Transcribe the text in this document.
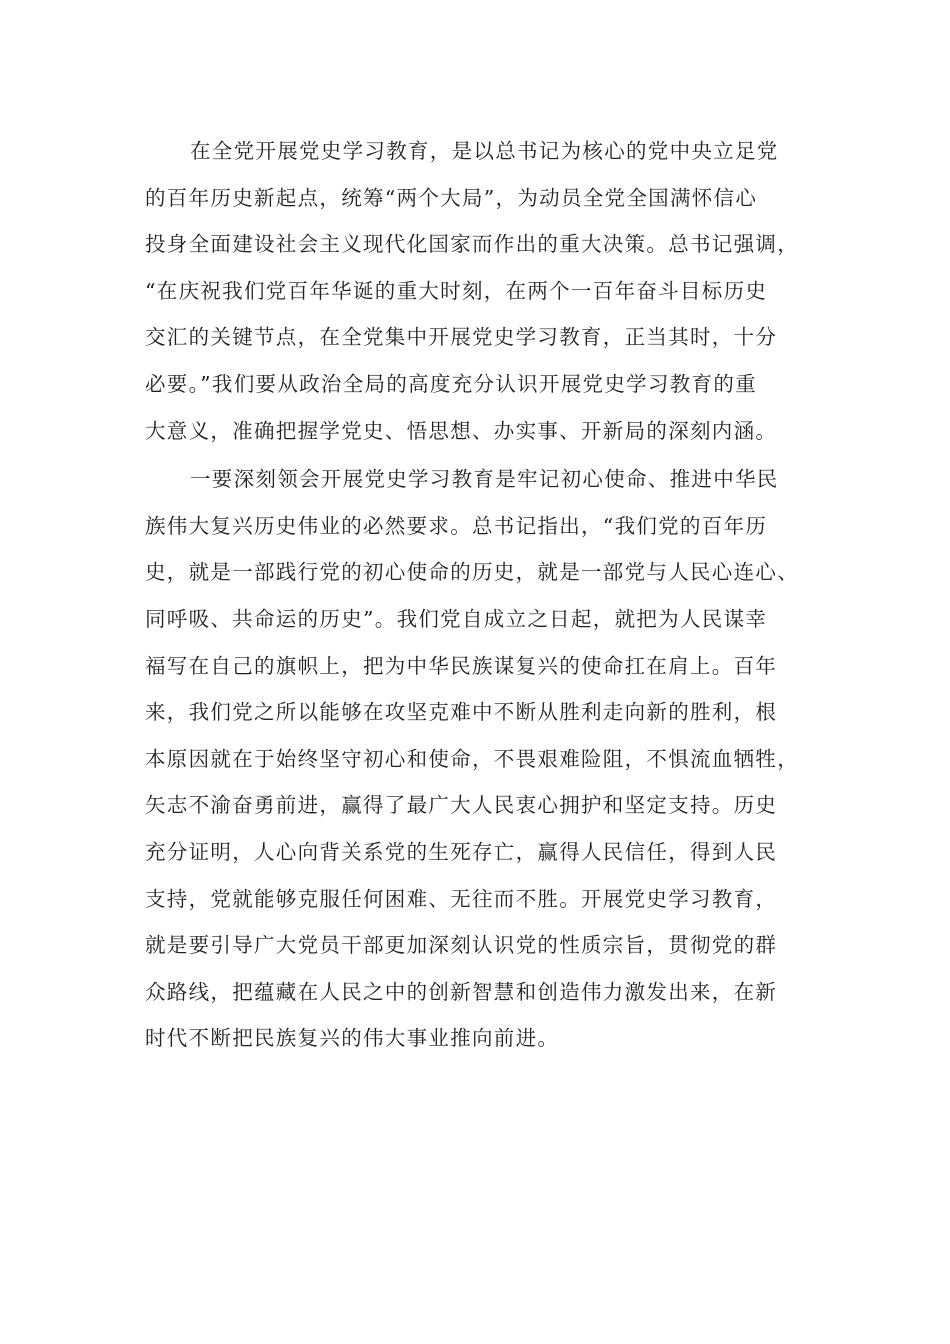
在全党开展党史学习教育，是以总书记为核心的党中央立足党
的百年历史新起点，统筹“两个大局”，为动员全党全国满怀信心
投身全面建设社会主义现代化国家而作出的重大决策。总书记强调，
“在庆祝我们党百年华诞的重大时刻，在两个一百年奋斗目标历史
交汇的关键节点，在全党集中开展党史学习教育，正当其时，十分
必要。”我们要从政治全局的高度充分认识开展党史学习教育的重
大意义，准确把握学党史、悟思想、办实事、开新局的深刻内涵。
一要深刻领会开展党史学习教育是牢记初心使命、推进中华民
族伟大复兴历史伟业的必然要求。总书记指出，“我们党的百年历
史，就是一部践行党的初心使命的历史，就是一部党与人民心连心、
同呼吸、共命运的历史”。我们党自成立之日起，就把为人民谋幸
福写在自己的旗帜上，把为中华民族谋复兴的使命扛在肩上。百年
来，我们党之所以能够在攻坚克难中不断从胜利走向新的胜利，根
本原因就在于始终坚守初心和使命，不畏艰难险阻，不惧流血牺牲，
矢志不渝奋勇前进，赢得了最广大人民衷心拥护和坚定支持。历史
充分证明，人心向背关系党的生死存亡，赢得人民信任，得到人民
支持，党就能够克服任何困难、无往而不胜。开展党史学习教育，
就是要引导广大党员干部更加深刻认识党的性质宗旨，贯彻党的群
众路线，把蕴藏在人民之中的创新智慧和创造伟力激发出来，在新
时代不断把民族复兴的伟大事业推向前进。
